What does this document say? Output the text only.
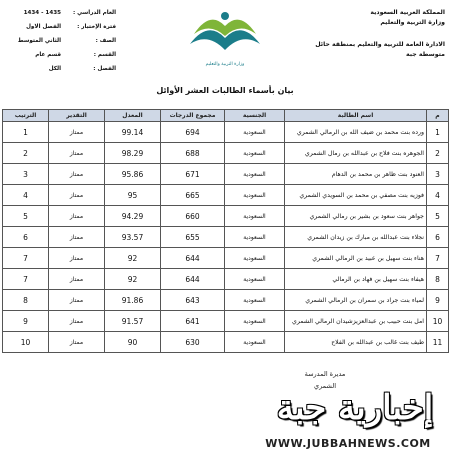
المملكة العربية السعودية
وزارة التربية والتعليم
الادارة العامة للتربية والتعليم بمنطقة حائل
متوسطة جبة
وزارة التربية والتعليم
العام الدراسي :
1435 - 1434
فترة الإختبار :
الفصل الاول
الصف :
الثاني المتوسط
القسم :
قسم عام
الفصل :
الكل
بيان بأسماء الطالبات العشر الأوائل
م	اسم الطالبة	الجنسية	مجموع الدرجات	المعدل	التقدير	الترتيب
1	ورده بنت محمد بن ضيف الله بن الرمالي الشمري	السعودية	694	99.14	ممتاز	1
2	الجوهره بنت فلاح بن عبدالله بن رمال الشمري	السعودية	688	98.29	ممتاز	2
3	العنود بنت ظاهر بن محمد بن الدهام	السعودية	671	95.86	ممتاز	3
4	فوزيه بنت مصفي بن محمد بن السويدي الشمري	السعودية	665	95	ممتاز	4
5	جواهر بنت سعود بن بشير بن رمالي الشمري	السعودية	660	94.29	ممتاز	5
6	نجلاء بنت عبدالله بن مبارك بن زيدان الشمري	السعودية	655	93.57	ممتاز	6
7	هناء بنت سهيل بن عبيد بن الرمالي الشمري	السعودية	644	92	ممتاز	7
8	هيفاء بنت سهيل بن فهاد بن الرمالي	السعودية	644	92	ممتاز	7
9	لمياء بنت جراد بن سمران بن الرمالي الشمري	السعودية	643	91.86	ممتاز	8
10	امل بنت حبيب بن عبدالعزيزشيدان الرمالي الشمري	السعودية	641	91.57	ممتاز	9
11	طيف بنت غالب بن عبدالله بن الفلاح	السعودية	630	90	ممتاز	10
مديرة المدرسة
الشمري
إخبارية جبة
WWW.JUBBAHNEWS.COM
